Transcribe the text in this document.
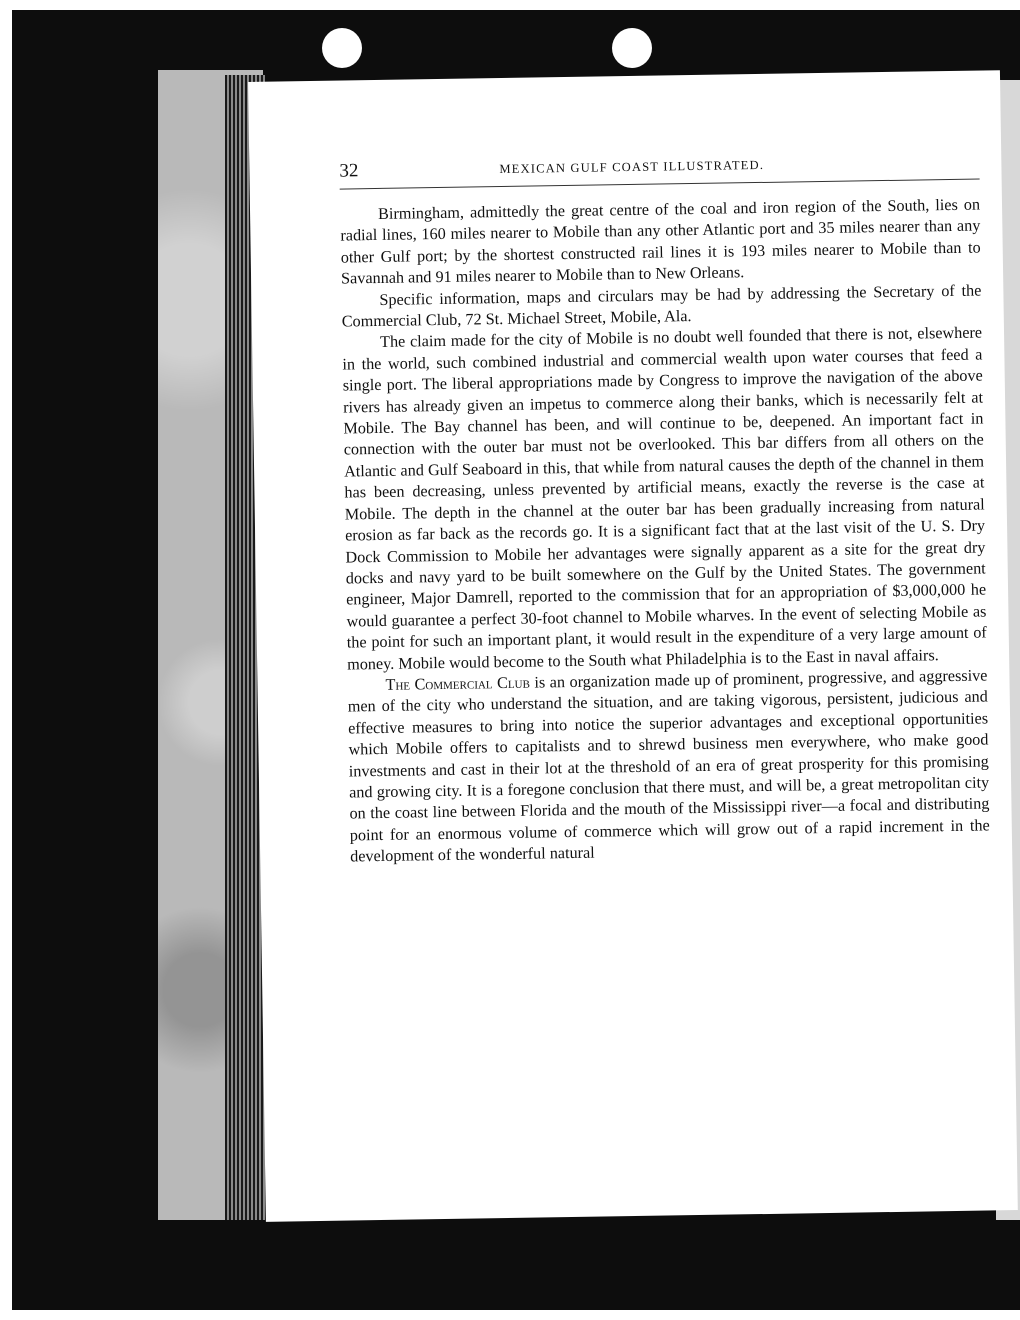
32	MEXICAN GULF COAST ILLUSTRATED.

Birmingham, admittedly the great centre of the coal and iron region of the South, lies on radial lines, 160 miles nearer to Mobile than any other Atlantic port and 35 miles nearer than any other Gulf port; by the shortest constructed rail lines it is 193 miles nearer to Mobile than to Savannah and 91 miles nearer to Mobile than to New Orleans.

Specific information, maps and circulars may be had by addressing the Secretary of the Commercial Club, 72 St. Michael Street, Mobile, Ala.

The claim made for the city of Mobile is no doubt well founded that there is not, elsewhere in the world, such combined industrial and commercial wealth upon water courses that feed a single port. The liberal appropriations made by Congress to improve the navigation of the above rivers has already given an impetus to commerce along their banks, which is necessarily felt at Mobile. The Bay channel has been, and will continue to be, deepened. An important fact in connection with the outer bar must not be overlooked. This bar differs from all others on the Atlantic and Gulf Seaboard in this, that while from natural causes the depth of the channel in them has been decreasing, unless prevented by artificial means, exactly the reverse is the case at Mobile. The depth in the channel at the outer bar has been gradually increasing from natural erosion as far back as the records go. It is a significant fact that at the last visit of the U. S. Dry Dock Commission to Mobile her advantages were signally apparent as a site for the great dry docks and navy yard to be built somewhere on the Gulf by the United States. The government engineer, Major Damrell, reported to the commission that for an appropriation of $3,000,000 he would guarantee a perfect 30-foot channel to Mobile wharves. In the event of selecting Mobile as the point for such an important plant, it would result in the expenditure of a very large amount of money. Mobile would become to the South what Philadelphia is to the East in naval affairs.

The Commercial Club is an organization made up of prominent, progressive, and aggressive men of the city who understand the situation, and are taking vigorous, persistent, judicious and effective measures to bring into notice the superior advantages and exceptional opportunities which Mobile offers to capitalists and to shrewd business men everywhere, who make good investments and cast in their lot at the threshold of an era of great prosperity for this promising and growing city. It is a foregone conclusion that there must, and will be, a great metropolitan city on the coast line between Florida and the mouth of the Mississippi river—a focal and distributing point for an enormous volume of commerce which will grow out of a rapid increment in the development of the wonderful natural
